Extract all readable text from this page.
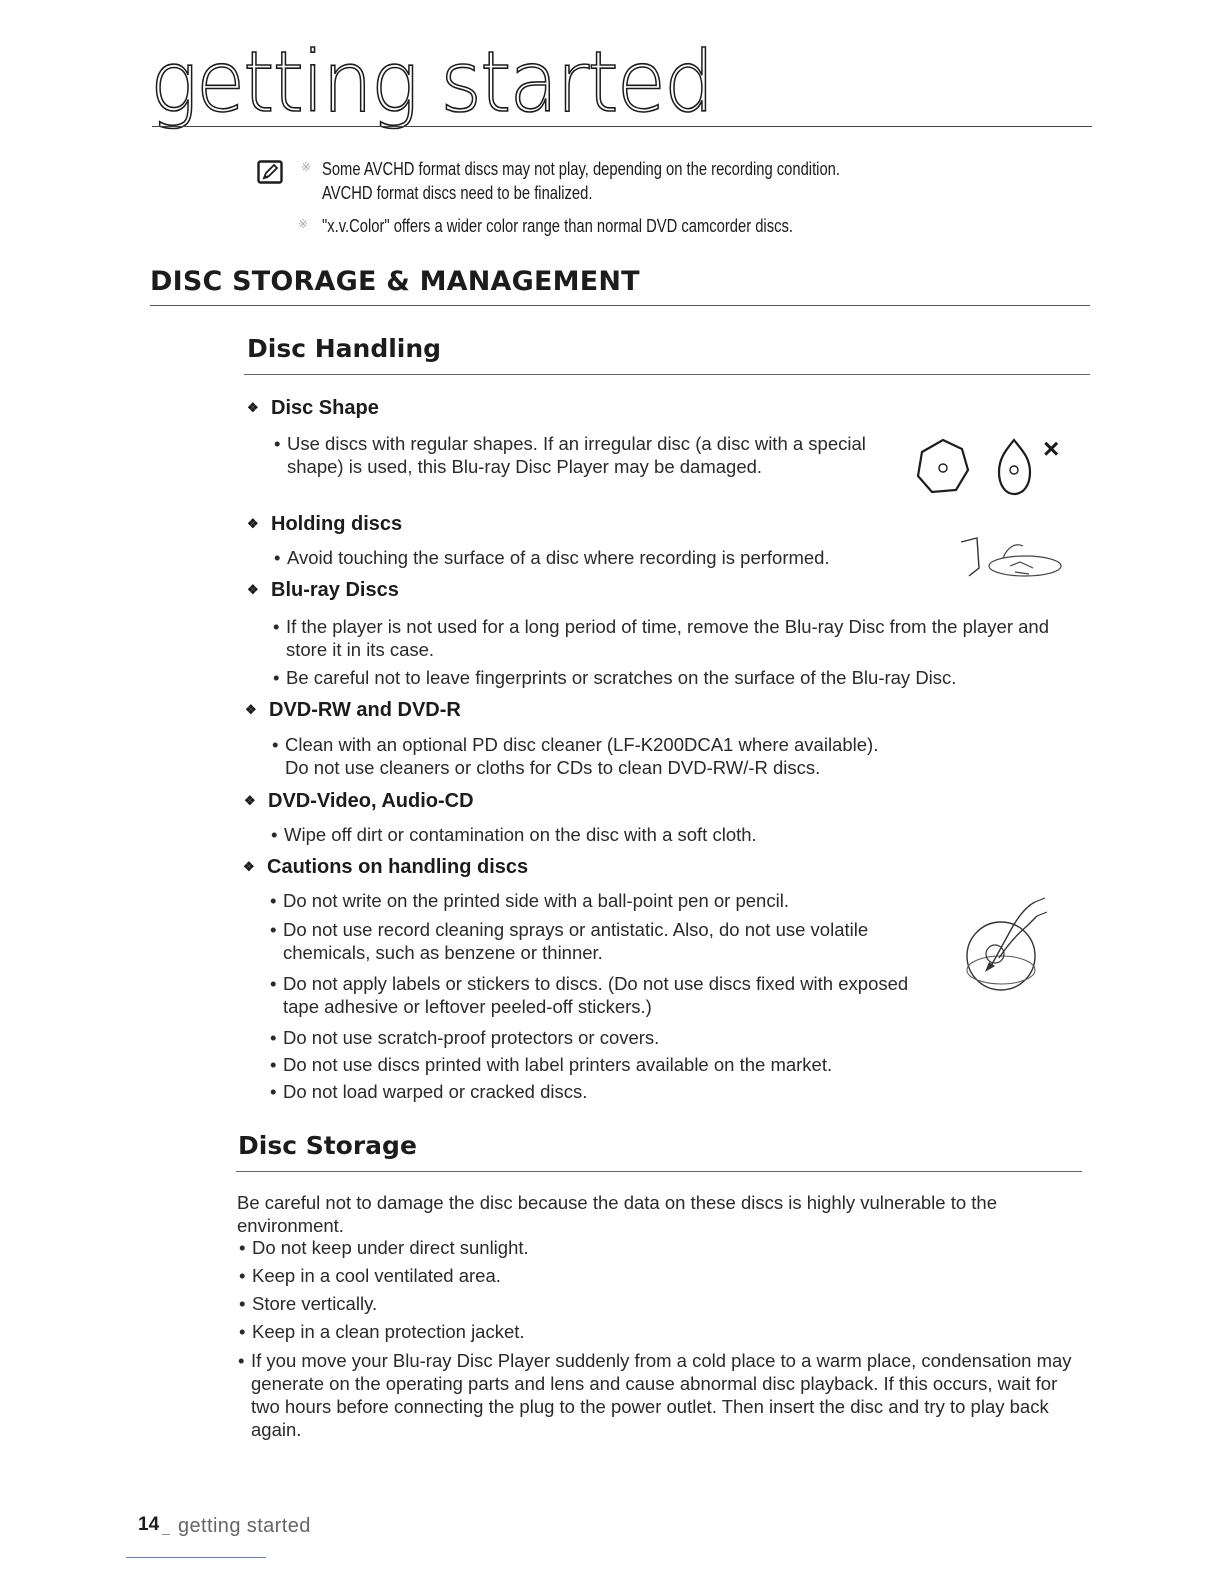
getting started
※ Some AVCHD format discs may not play, depending on the recording condition.
AVCHD format discs need to be finalized.
※ "x.v.Color" offers a wider color range than normal DVD camcorder discs.
DISC STORAGE & MANAGEMENT
Disc Handling
❖ Disc Shape
• Use discs with regular shapes. If an irregular disc (a disc with a special
shape) is used, this Blu-ray Disc Player may be damaged.
×
❖ Holding discs
• Avoid touching the surface of a disc where recording is performed.
❖ Blu-ray Discs
• If the player is not used for a long period of time, remove the Blu-ray Disc from the player and
store it in its case.
• Be careful not to leave fingerprints or scratches on the surface of the Blu-ray Disc.
❖ DVD-RW and DVD-R
• Clean with an optional PD disc cleaner (LF-K200DCA1 where available).
Do not use cleaners or cloths for CDs to clean DVD-RW/-R discs.
❖ DVD-Video, Audio-CD
• Wipe off dirt or contamination on the disc with a soft cloth.
❖ Cautions on handling discs
• Do not write on the printed side with a ball-point pen or pencil.
• Do not use record cleaning sprays or antistatic. Also, do not use volatile
chemicals, such as benzene or thinner.
• Do not apply labels or stickers to discs. (Do not use discs fixed with exposed
tape adhesive or leftover peeled-off stickers.)
• Do not use scratch-proof protectors or covers.
• Do not use discs printed with label printers available on the market.
• Do not load warped or cracked discs.
Disc Storage
Be careful not to damage the disc because the data on these discs is highly vulnerable to the
environment.
• Do not keep under direct sunlight.
• Keep in a cool ventilated area.
• Store vertically.
• Keep in a clean protection jacket.
• If you move your Blu-ray Disc Player suddenly from a cold place to a warm place, condensation may
generate on the operating parts and lens and cause abnormal disc playback. If this occurs, wait for
two hours before connecting the plug to the power outlet. Then insert the disc and try to play back
again.
14 _ getting started
